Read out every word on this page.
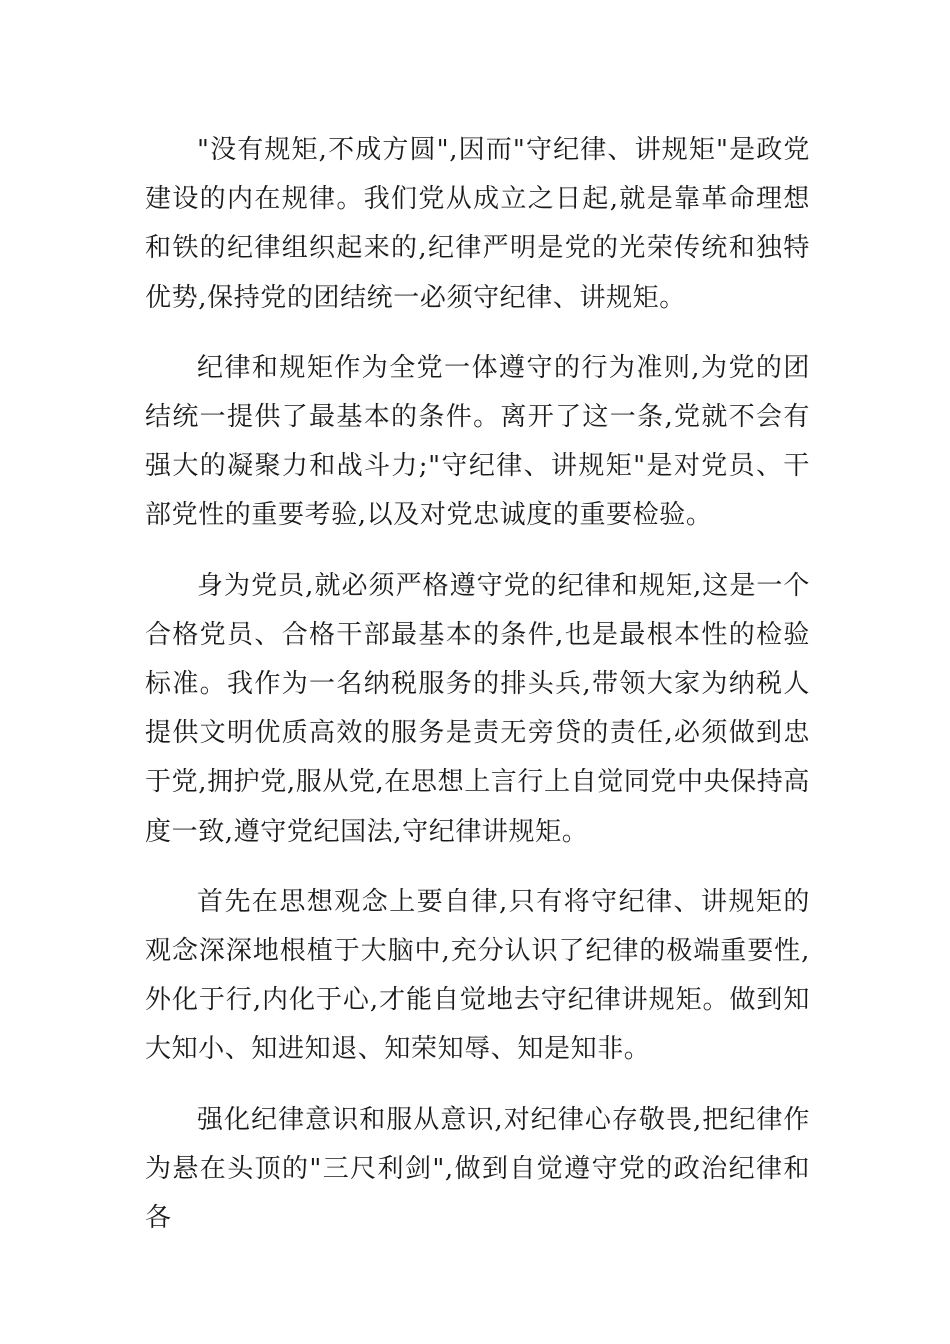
"没有规矩,不成方圆",因而"守纪律、讲规矩"是政党建设的内在规律。我们党从成立之日起,就是靠革命理想和铁的纪律组织起来的,纪律严明是党的光荣传统和独特优势,保持党的团结统一必须守纪律、讲规矩。

纪律和规矩作为全党一体遵守的行为准则,为党的团结统一提供了最基本的条件。离开了这一条,党就不会有强大的凝聚力和战斗力;"守纪律、讲规矩"是对党员、干部党性的重要考验,以及对党忠诚度的重要检验。

身为党员,就必须严格遵守党的纪律和规矩,这是一个合格党员、合格干部最基本的条件,也是最根本性的检验标准。我作为一名纳税服务的排头兵,带领大家为纳税人提供文明优质高效的服务是责无旁贷的责任,必须做到忠于党,拥护党,服从党,在思想上言行上自觉同党中央保持高度一致,遵守党纪国法,守纪律讲规矩。

首先在思想观念上要自律,只有将守纪律、讲规矩的观念深深地根植于大脑中,充分认识了纪律的极端重要性,外化于行,内化于心,才能自觉地去守纪律讲规矩。做到知大知小、知进知退、知荣知辱、知是知非。

强化纪律意识和服从意识,对纪律心存敬畏,把纪律作为悬在头顶的"三尺利剑",做到自觉遵守党的政治纪律和各
